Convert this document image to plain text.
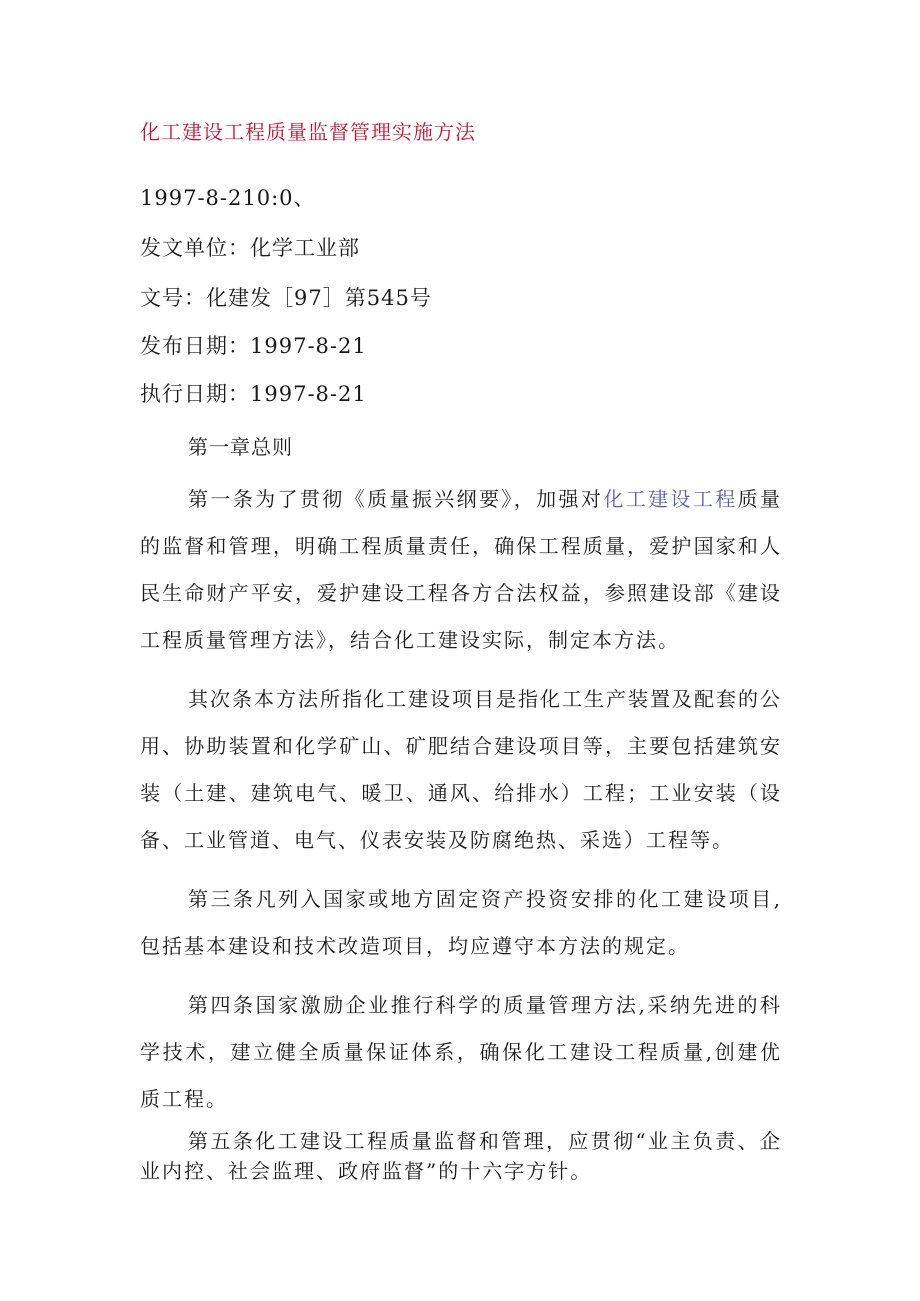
化工建设工程质量监督管理实施方法
1997-8-210:0、
发文单位：化学工业部
文号：化建发［97］第545号
发布日期：1997-8-21
执行日期：1997-8-21
第一章总则

第一条为了贯彻《质量振兴纲要》，加强对化工建设工程质量的监督和管理，明确工程质量责任，确保工程质量，爱护国家和人民生命财产平安，爱护建设工程各方合法权益，参照建设部《建设工程质量管理方法》，结合化工建设实际，制定本方法。

其次条本方法所指化工建设项目是指化工生产装置及配套的公用、协助装置和化学矿山、矿肥结合建设项目等，主要包括建筑安装（土建、建筑电气、暖卫、通风、给排水）工程；工业安装（设备、工业管道、电气、仪表安装及防腐绝热、采选）工程等。

第三条凡列入国家或地方固定资产投资安排的化工建设项目,包括基本建设和技术改造项目，均应遵守本方法的规定。

第四条国家激励企业推行科学的质量管理方法,采纳先进的科学技术，建立健全质量保证体系，确保化工建设工程质量,创建优质工程。

第五条化工建设工程质量监督和管理，应贯彻“业主负责、企业内控、社会监理、政府监督”的十六字方针。
